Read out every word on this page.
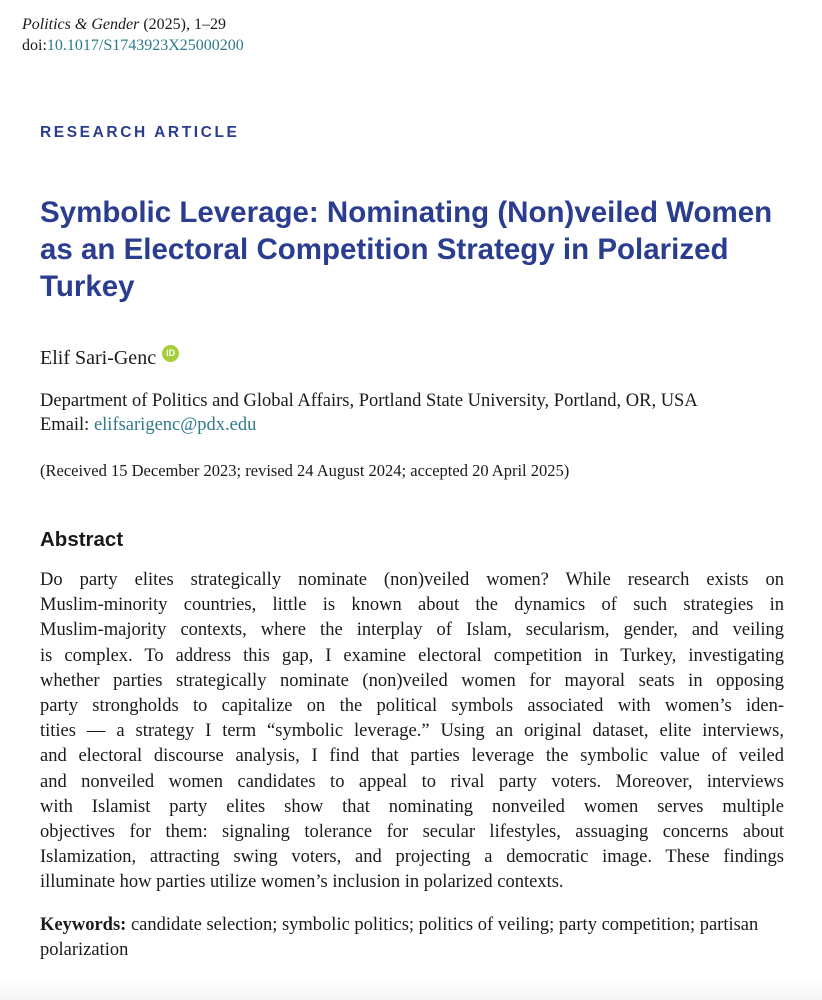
Politics & Gender (2025), 1–29
doi:10.1017/S1743923X25000200
RESEARCH ARTICLE
Symbolic Leverage: Nominating (Non)veiled Women as an Electoral Competition Strategy in Polarized Turkey
Elif Sari-Genc	iD
Department of Politics and Global Affairs, Portland State University, Portland, OR, USA
Email: elifsarigenc@pdx.edu
(Received 15 December 2023; revised 24 August 2024; accepted 20 April 2025)
Abstract
Do party elites strategically nominate (non)veiled women? While research exists on
Muslim-minority countries, little is known about the dynamics of such strategies in
Muslim-majority contexts, where the interplay of Islam, secularism, gender, and veiling
is complex. To address this gap, I examine electoral competition in Turkey, investigating
whether parties strategically nominate (non)veiled women for mayoral seats in opposing
party strongholds to capitalize on the political symbols associated with women’s iden-
tities — a strategy I term “symbolic leverage.” Using an original dataset, elite interviews,
and electoral discourse analysis, I find that parties leverage the symbolic value of veiled
and nonveiled women candidates to appeal to rival party voters. Moreover, interviews
with Islamist party elites show that nominating nonveiled women serves multiple
objectives for them: signaling tolerance for secular lifestyles, assuaging concerns about
Islamization, attracting swing voters, and projecting a democratic image. These findings
illuminate how parties utilize women’s inclusion in polarized contexts.
Keywords: candidate selection; symbolic politics; politics of veiling; party competition; partisan polarization
